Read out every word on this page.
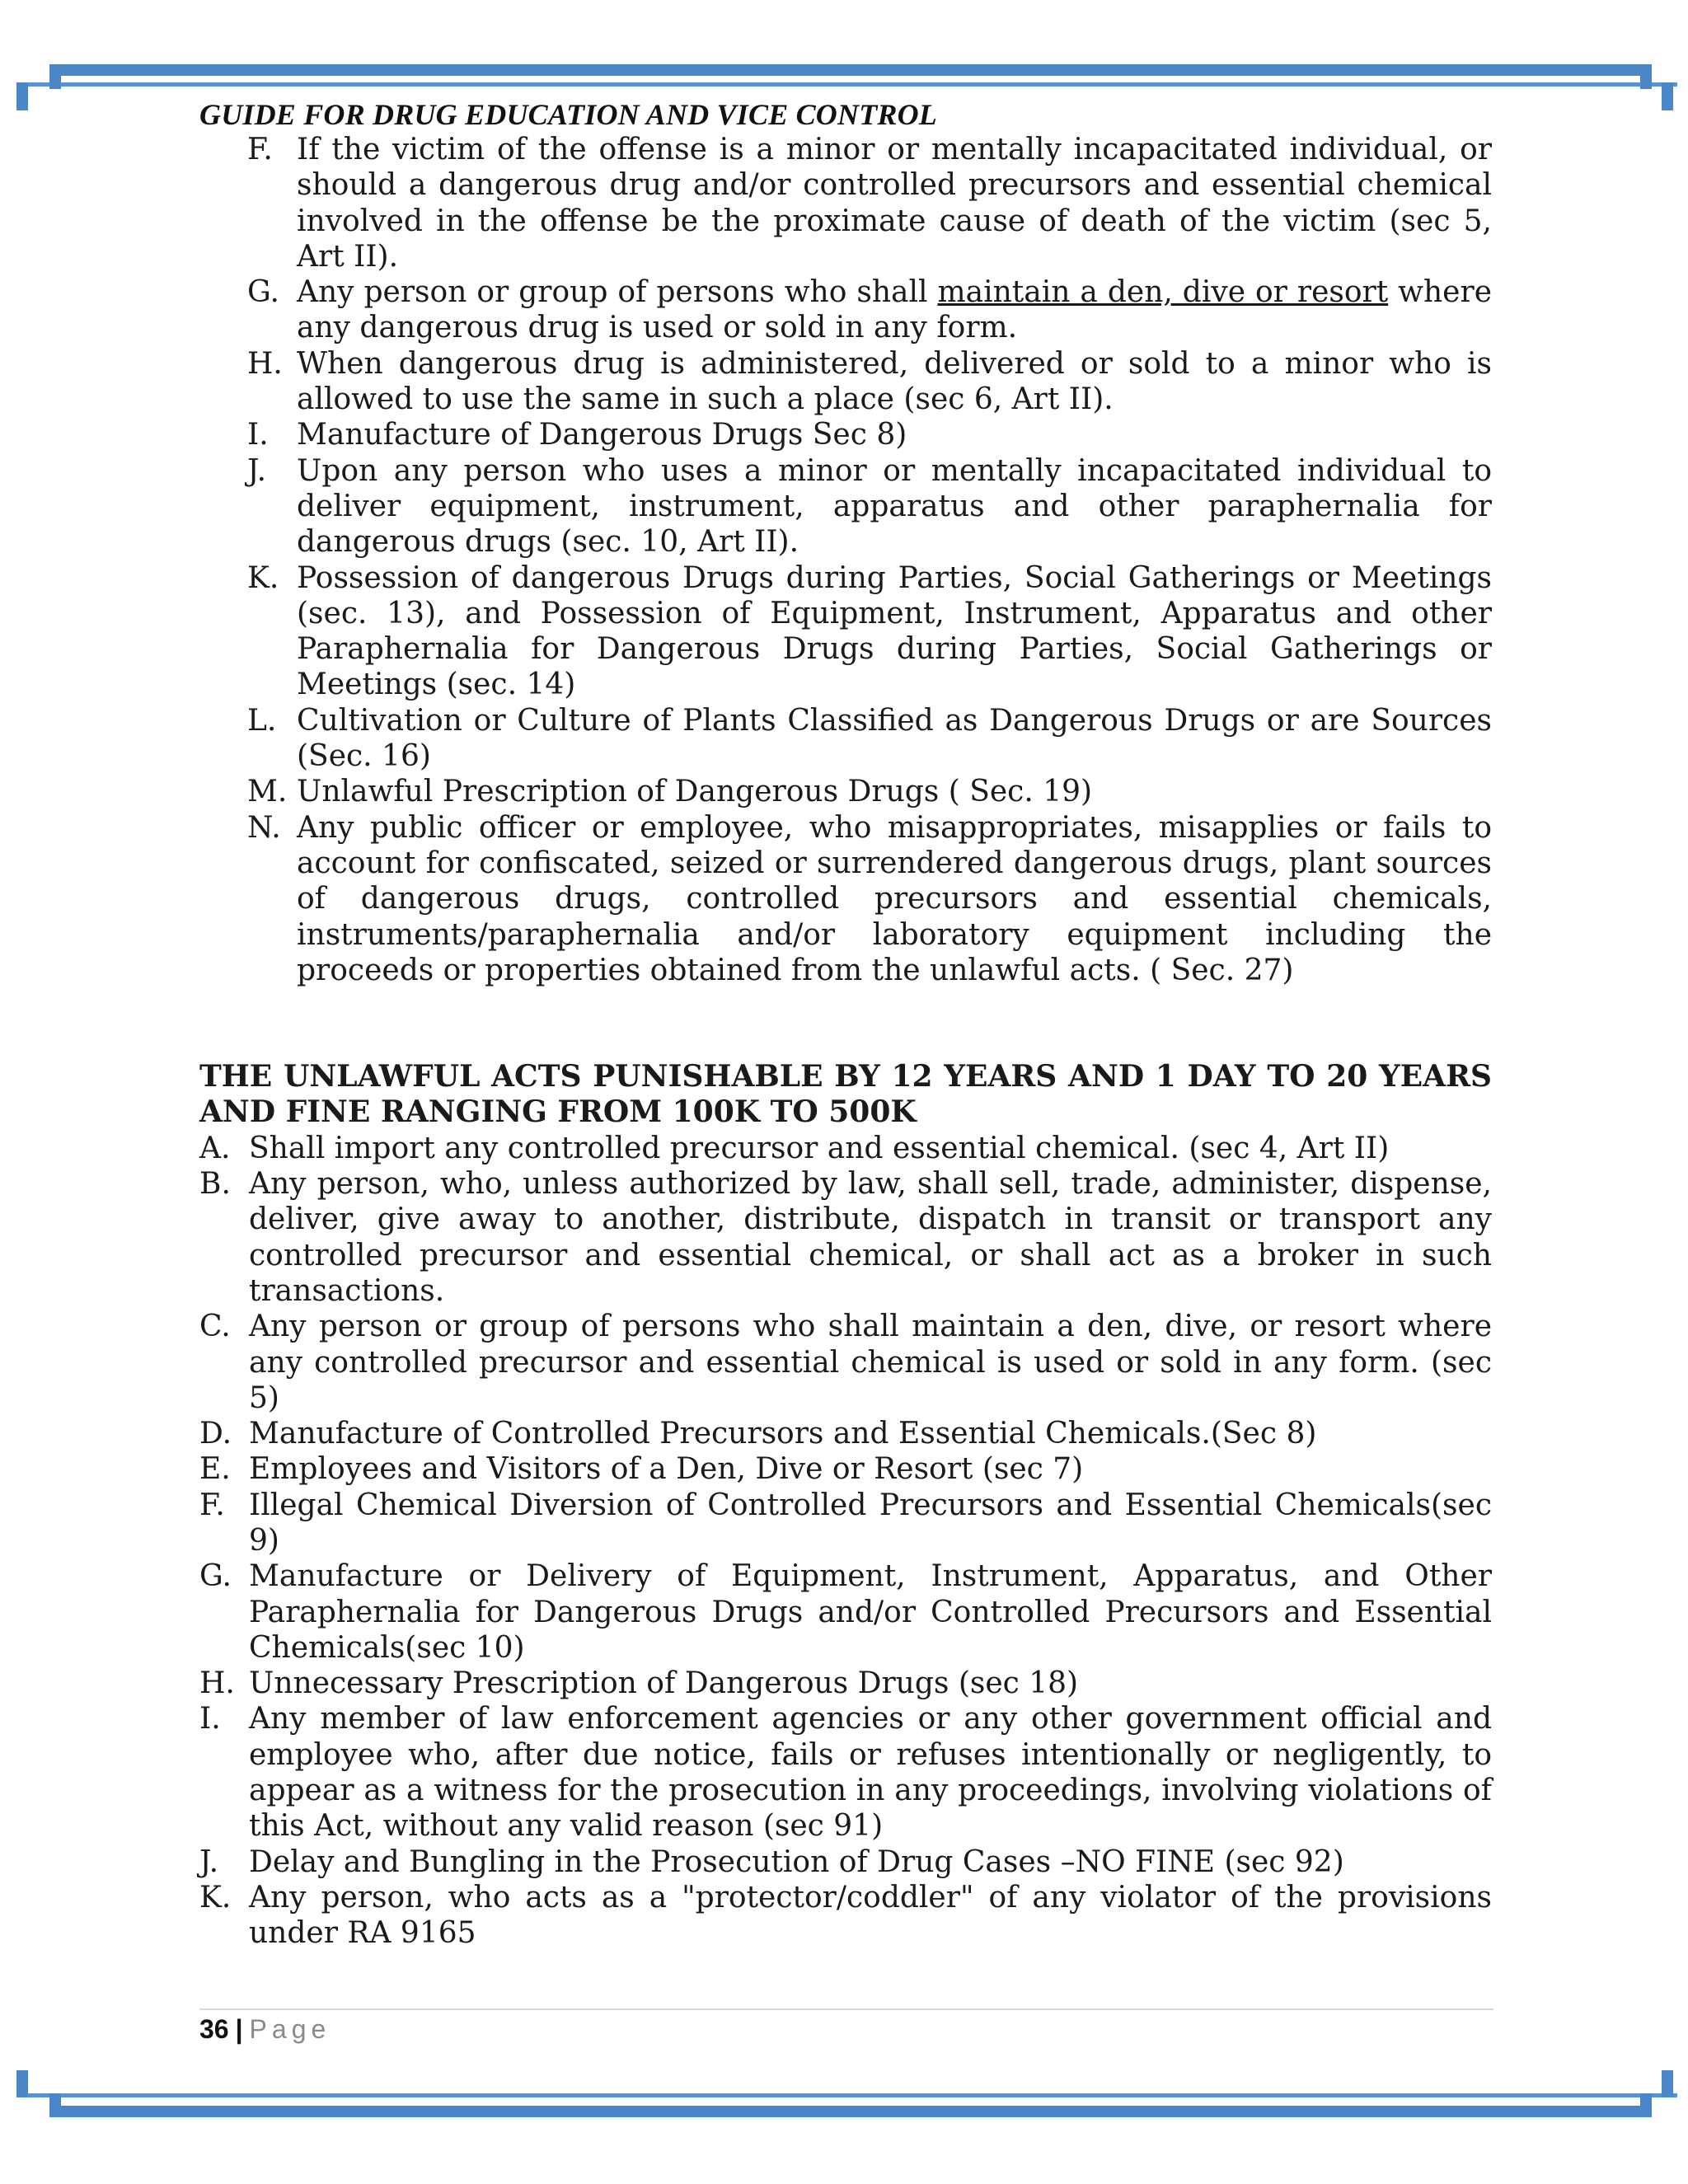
GUIDE FOR DRUG EDUCATION AND VICE CONTROL
F. If the victim of the offense is a minor or mentally incapacitated individual, or should a dangerous drug and/or controlled precursors and essential chemical involved in the offense be the proximate cause of death of the victim (sec 5, Art II).
G. Any person or group of persons who shall maintain a den, dive or resort where any dangerous drug is used or sold in any form.
H. When dangerous drug is administered, delivered or sold to a minor who is allowed to use the same in such a place (sec 6, Art II).
I. Manufacture of Dangerous Drugs Sec 8)
J.	Upon any person who uses a minor or mentally incapacitated individual to deliver equipment, instrument, apparatus and other paraphernalia for dangerous drugs (sec. 10, Art II).
K. Possession of dangerous Drugs during Parties, Social Gatherings or Meetings (sec. 13), and Possession of Equipment, Instrument, Apparatus and other Paraphernalia for Dangerous Drugs during Parties, Social Gatherings or Meetings (sec. 14)
L. Cultivation or Culture of Plants Classified as Dangerous Drugs or are Sources (Sec. 16)
M. Unlawful Prescription of Dangerous Drugs ( Sec. 19)
N. Any public officer or employee, who misappropriates, misapplies or fails to account for confiscated, seized or surrendered dangerous drugs, plant sources of dangerous drugs, controlled precursors and essential chemicals, instruments/paraphernalia and/or laboratory equipment including the proceeds or properties obtained from the unlawful acts. ( Sec. 27)
THE UNLAWFUL ACTS PUNISHABLE BY 12 YEARS AND 1 DAY TO 20 YEARS AND FINE RANGING FROM 100K TO 500K
A. Shall import any controlled precursor and essential chemical. (sec 4, Art II)
B. Any person, who, unless authorized by law, shall sell, trade, administer, dispense, deliver, give away to another, distribute, dispatch in transit or transport any controlled precursor and essential chemical, or shall act as a broker in such transactions.
C. Any person or group of persons who shall maintain a den, dive, or resort where any controlled precursor and essential chemical is used or sold in any form. (sec 5)
D. Manufacture of Controlled Precursors and Essential Chemicals.(Sec 8)
E. Employees and Visitors of a Den, Dive or Resort (sec 7)
F. Illegal Chemical Diversion of Controlled Precursors and Essential Chemicals(sec 9)
G. Manufacture or Delivery of Equipment, Instrument, Apparatus, and Other Paraphernalia for Dangerous Drugs and/or Controlled Precursors and Essential Chemicals(sec 10)
H. Unnecessary Prescription of Dangerous Drugs (sec 18)
I. Any member of law enforcement agencies or any other government official and employee who, after due notice, fails or refuses intentionally or negligently, to appear as a witness for the prosecution in any proceedings, involving violations of this Act, without any valid reason (sec 91)
J.	Delay and Bungling in the Prosecution of Drug Cases –NO FINE (sec 92)
K. Any person, who acts as a "protector/coddler" of any violator of the provisions under RA 9165
36 | Page
